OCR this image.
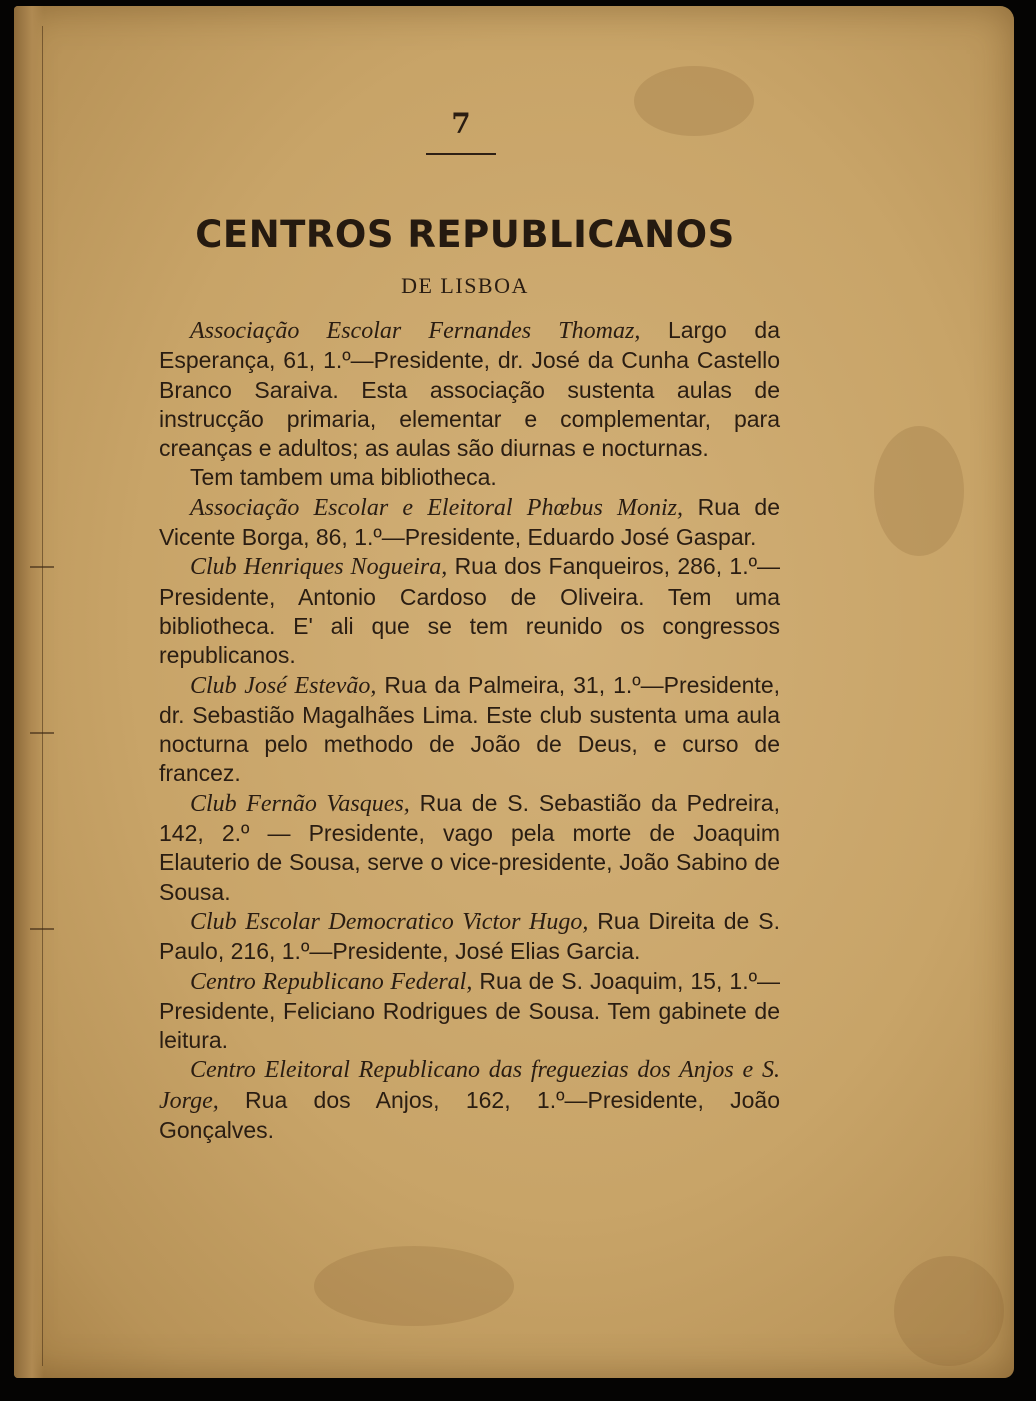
7
CENTROS REPUBLICANOS
DE LISBOA

Associação Escolar Fernandes Thomaz, Largo da Esperança, 61, 1.º—Presidente, dr. José da Cunha Castello Branco Saraiva. Esta associação sustenta aulas de instrucção primaria, elementar e complementar, para creanças e adultos; as aulas são diurnas e nocturnas.

Tem tambem uma bibliotheca.

Associação Escolar e Eleitoral Phœbus Moniz, Rua de Vicente Borga, 86, 1.º—Presidente, Eduardo José Gaspar.

Club Henriques Nogueira, Rua dos Fanqueiros, 286, 1.º—Presidente, Antonio Cardoso de Oliveira. Tem uma bibliotheca. E' ali que se tem reunido os congressos republicanos.

Club José Estevão, Rua da Palmeira, 31, 1.º—Presidente, dr. Sebastião Magalhães Lima. Este club sustenta uma aula nocturna pelo methodo de João de Deus, e curso de francez.

Club Fernão Vasques, Rua de S. Sebastião da Pedreira, 142, 2.º — Presidente, vago pela morte de Joaquim Elauterio de Sousa, serve o vice-presidente, João Sabino de Sousa.

Club Escolar Democratico Victor Hugo, Rua Direita de S. Paulo, 216, 1.º—Presidente, José Elias Garcia.

Centro Republicano Federal, Rua de S. Joaquim, 15, 1.º—Presidente, Feliciano Rodrigues de Sousa. Tem gabinete de leitura.

Centro Eleitoral Republicano das freguezias dos Anjos e S. Jorge, Rua dos Anjos, 162, 1.º—Presidente, João Gonçalves.
